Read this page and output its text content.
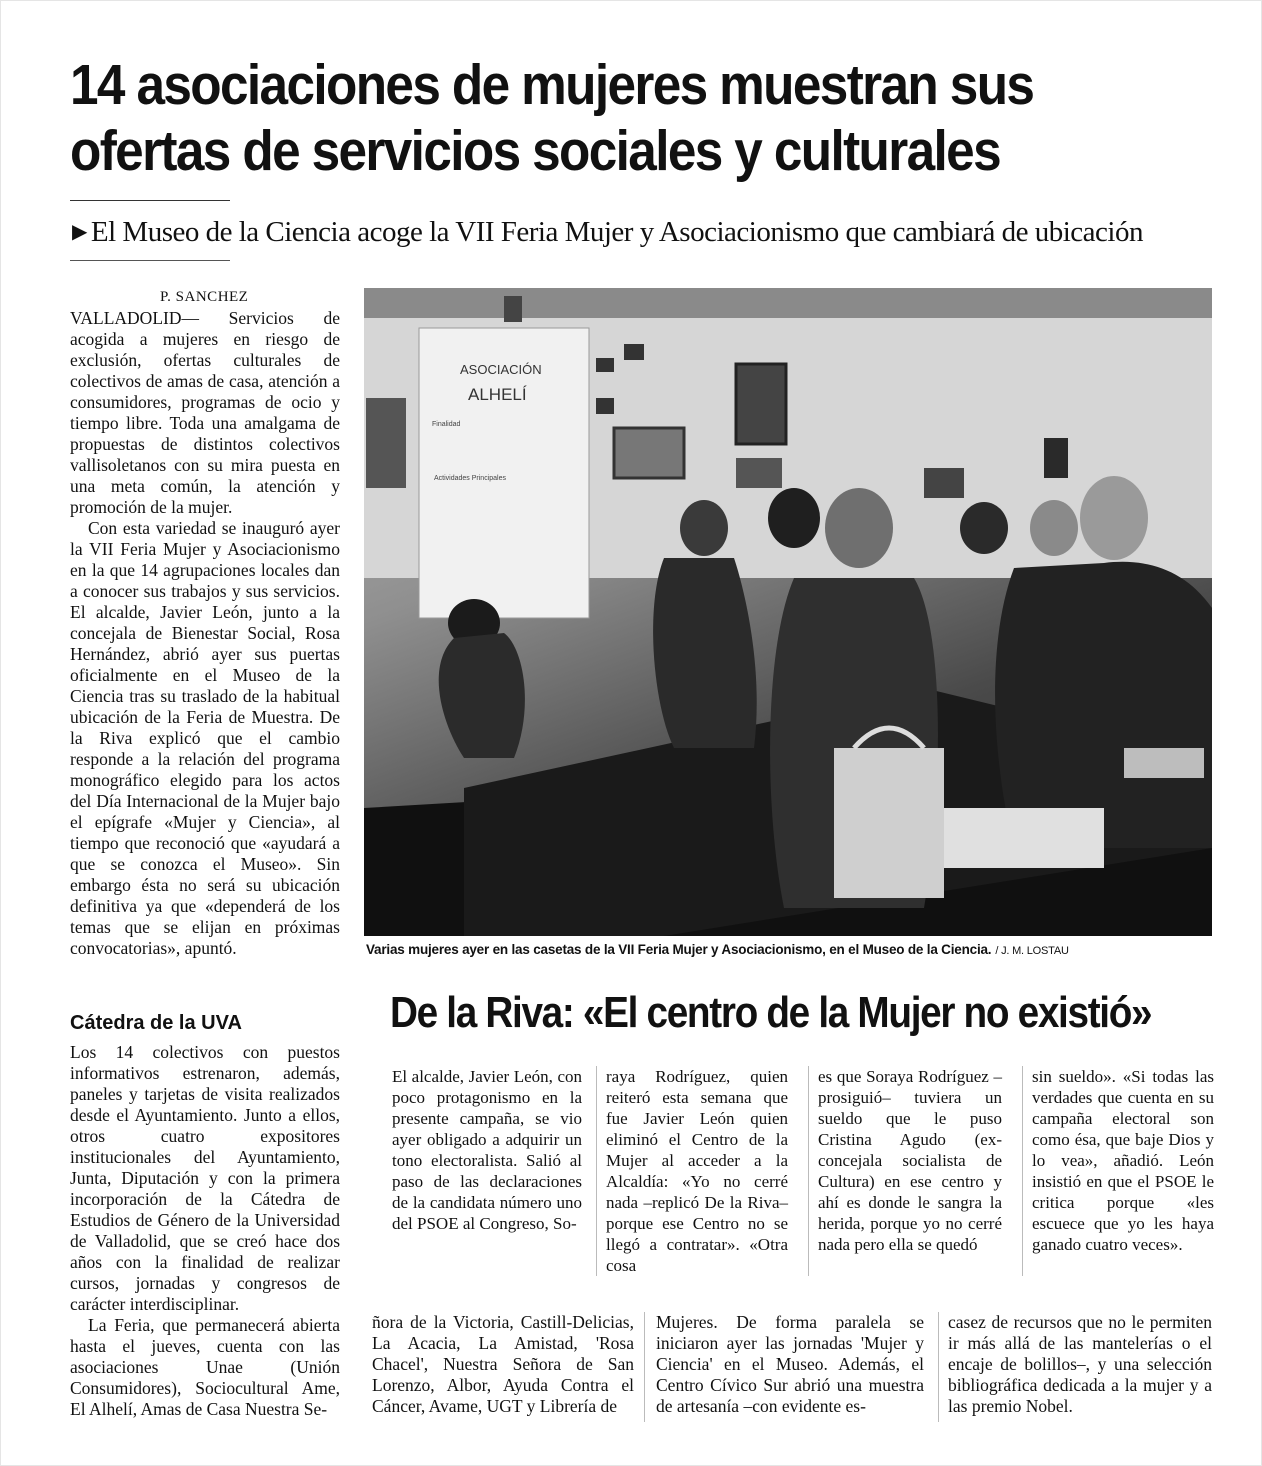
14 asociaciones de mujeres muestran sus
ofertas de servicios sociales y culturales
▶ El Museo de la Ciencia acoge la VII Feria Mujer y Asociacionismo que cambiará de ubicación
P. SANCHEZ

VALLADOLID— Servicios de acogida a mujeres en riesgo de exclusión, ofertas culturales de colectivos de amas de casa, atención a consumidores, programas de ocio y tiempo libre. Toda una amalgama de propuestas de distintos colectivos vallisoletanos con su mira puesta en una meta común, la atención y promoción de la mujer.

Con esta variedad se inauguró ayer la VII Feria Mujer y Asociacionismo en la que 14 agrupaciones locales dan a conocer sus trabajos y sus servicios. El alcalde, Javier León, junto a la concejala de Bienestar Social, Rosa Hernández, abrió ayer sus puertas oficialmente en el Museo de la Ciencia tras su traslado de la habitual ubicación de la Feria de Muestra. De la Riva explicó que el cambio responde a la relación del programa monográfico elegido para los actos del Día Internacional de la Mujer bajo el epígrafe «Mujer y Ciencia», al tiempo que reconoció que «ayudará a que se conozca el Museo». Sin embargo ésta no será su ubicación definitiva ya que «dependerá de los temas que se elijan en próximas convocatorias», apuntó.

ASOCIACIÓN
ALHELÍ
Finalidad
Actividades Principales
Varias mujeres ayer en las casetas de la VII Feria Mujer y Asociacionismo, en el Museo de la Ciencia. / J. M. LOSTAU
Cátedra de la UVA

Los 14 colectivos con puestos informativos estrenaron, además, paneles y tarjetas de visita realizados desde el Ayuntamiento. Junto a ellos, otros cuatro expositores institucionales del Ayuntamiento, Junta, Diputación y con la primera incorporación de la Cátedra de Estudios de Género de la Universidad de Valladolid, que se creó hace dos años con la finalidad de realizar cursos, jornadas y congresos de carácter interdisciplinar.

La Feria, que permanecerá abierta hasta el jueves, cuenta con las asociaciones Unae (Unión Consumidores), Sociocultural Ame, El Alhelí, Amas de Casa Nuestra Se-

De la Riva: «El centro de la Mujer no existió»
El alcalde, Javier León, con poco protagonismo en la presente campaña, se vio ayer obligado a adquirir un tono electoralista. Salió al paso de las declaraciones de la candidata número uno del PSOE al Congreso, So-
raya Rodríguez, quien reiteró esta semana que fue Javier León quien eliminó el Centro de la Mujer al acceder a la Alcaldía: «Yo no cerré nada –replicó De la Riva– porque ese Centro no se llegó a contratar». «Otra cosa
es que Soraya Rodríguez –prosiguió– tuviera un sueldo que le puso Cristina Agudo (ex-concejala socialista de Cultura) en ese centro y ahí es donde le sangra la herida, porque yo no cerré nada pero ella se quedó
sin sueldo». «Si todas las verdades que cuenta en su campaña electoral son como ésa, que baje Dios y lo vea», añadió. León insistió en que el PSOE le critica porque «les escuece que yo les haya ganado cuatro veces».
ñora de la Victoria, Castill-Delicias, La Acacia, La Amistad, 'Rosa Chacel', Nuestra Señora de San Lorenzo, Albor, Ayuda Contra el Cáncer, Avame, UGT y Librería de
Mujeres. De forma paralela se iniciaron ayer las jornadas 'Mujer y Ciencia' en el Museo. Además, el Centro Cívico Sur abrió una muestra de artesanía –con evidente es-
casez de recursos que no le permiten ir más allá de las mantelerías o el encaje de bolillos–, y una selección bibliográfica dedicada a la mujer y a las premio Nobel.
